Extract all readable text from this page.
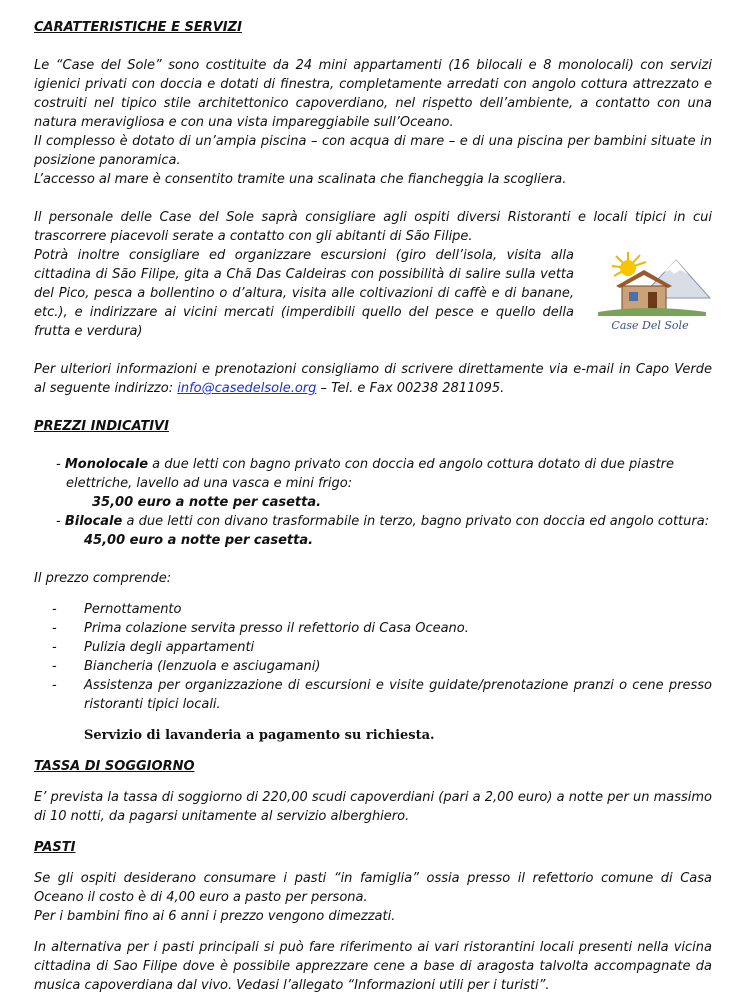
CARATTERISTICHE E SERVIZI

Le “Case del Sole” sono costituite da 24 mini appartamenti (16 bilocali e 8 monolocali) con servizi igienici privati con doccia e dotati di finestra, completamente arredati con angolo cottura attrezzato e costruiti nel tipico stile architettonico capoverdiano, nel rispetto dell’ambiente, a contatto con una natura meravigliosa e con una vista impareggiabile sull’Oceano.

Il complesso è dotato di un’ampia piscina – con acqua di mare – e di una piscina per bambini situate in posizione panoramica.

L’accesso al mare è consentito tramite una scalinata che fiancheggia la scogliera.

Il personale delle Case del Sole saprà consigliare agli ospiti diversi Ristoranti e locali tipici in cui trascorrere piacevoli serate a contatto con gli abitanti di São Filipe.

Potrà inoltre consigliare ed organizzare escursioni (giro dell’isola, visita alla cittadina di São Filipe, gita a Chã Das Caldeiras con possibilità di salire sulla vetta del Pico, pesca a bollentino o d’altura, visita alle coltivazioni di caffè e di banane, etc.), e indirizzare ai vicini mercati (imperdibili quello del pesce e quello della frutta e verdura)	Case Del Sole

Per ulteriori informazioni e prenotazioni consigliamo di scrivere direttamente via e-mail in Capo Verde al seguente indirizzo: info@casedelsole.org – Tel. e Fax 00238 2811095.

PREZZI INDICATIVI

- Monolocale a due letti con bagno privato con doccia ed angolo cottura dotato di due piastre elettriche, lavello ad una vasca e mini frigo:
35,00 euro a notte per casetta.
- Bilocale a due letti con divano trasformabile in terzo, bagno privato con doccia ed angolo cottura:
45,00 euro a notte per casetta.

Il prezzo comprende:

-	Pernottamento
-	Prima colazione servita presso il refettorio di Casa Oceano.
-	Pulizia degli appartamenti
-	Biancheria (lenzuola e asciugamani)
-	Assistenza per organizzazione di escursioni e visite guidate/prenotazione pranzi o cene presso ristoranti tipici locali.

Servizio di lavanderia a pagamento su richiesta.

TASSA DI SOGGIORNO

E’ prevista la tassa di soggiorno di 220,00 scudi capoverdiani (pari a 2,00 euro) a notte per un massimo di 10 notti, da pagarsi unitamente al servizio alberghiero.

PASTI

Se gli ospiti desiderano consumare i pasti “in famiglia” ossia presso il refettorio comune di Casa Oceano il costo è di 4,00 euro a pasto per persona.

Per i bambini fino ai 6 anni i prezzo vengono dimezzati.

In alternativa per i pasti principali si può fare riferimento ai vari ristorantini locali presenti nella vicina cittadina di Sao Filipe dove è possibile apprezzare cene a base di aragosta talvolta accompagnate da musica capoverdiana dal vivo. Vedasi l’allegato “Informazioni utili per i turisti”.
